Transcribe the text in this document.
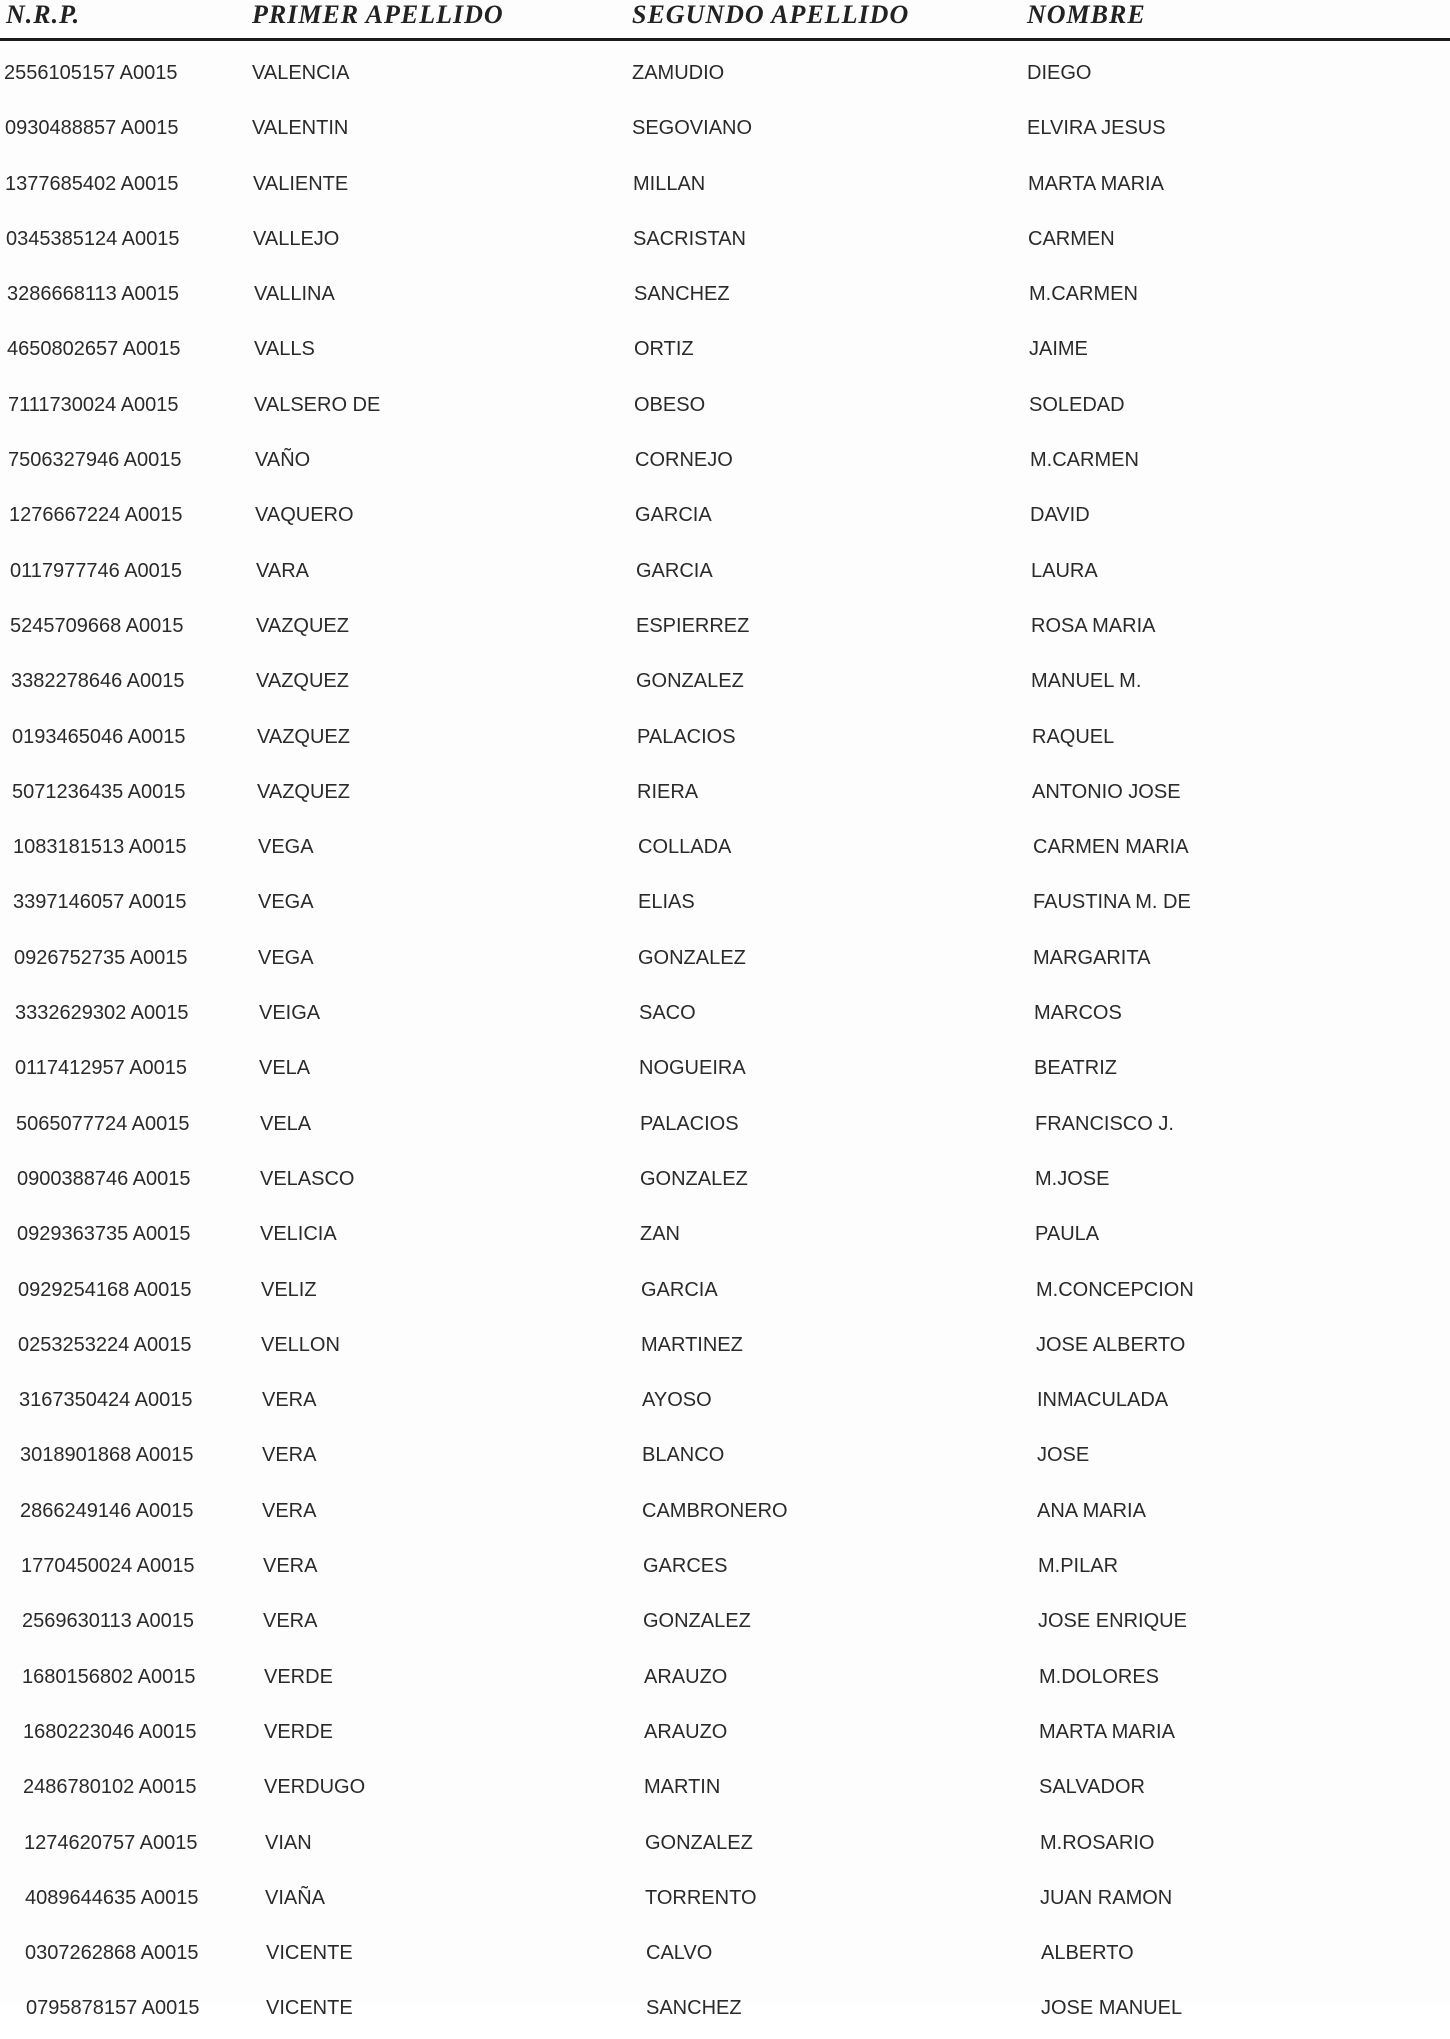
N.R.P.	PRIMER APELLIDO	SEGUNDO APELLIDO	NOMBRE
2556105157 A0015	VALENCIA	ZAMUDIO	DIEGO
0930488857 A0015	VALENTIN	SEGOVIANO	ELVIRA JESUS
1377685402 A0015	VALIENTE	MILLAN	MARTA MARIA
0345385124 A0015	VALLEJO	SACRISTAN	CARMEN
3286668113 A0015	VALLINA	SANCHEZ	M.CARMEN
4650802657 A0015	VALLS	ORTIZ	JAIME
7111730024 A0015	VALSERO DE	OBESO	SOLEDAD
7506327946 A0015	VAÑO	CORNEJO	M.CARMEN
1276667224 A0015	VAQUERO	GARCIA	DAVID
0117977746 A0015	VARA	GARCIA	LAURA
5245709668 A0015	VAZQUEZ	ESPIERREZ	ROSA MARIA
3382278646 A0015	VAZQUEZ	GONZALEZ	MANUEL M.
0193465046 A0015	VAZQUEZ	PALACIOS	RAQUEL
5071236435 A0015	VAZQUEZ	RIERA	ANTONIO JOSE
1083181513 A0015	VEGA	COLLADA	CARMEN MARIA
3397146057 A0015	VEGA	ELIAS	FAUSTINA M. DE
0926752735 A0015	VEGA	GONZALEZ	MARGARITA
3332629302 A0015	VEIGA	SACO	MARCOS
0117412957 A0015	VELA	NOGUEIRA	BEATRIZ
5065077724 A0015	VELA	PALACIOS	FRANCISCO J.
0900388746 A0015	VELASCO	GONZALEZ	M.JOSE
0929363735 A0015	VELICIA	ZAN	PAULA
0929254168 A0015	VELIZ	GARCIA	M.CONCEPCION
0253253224 A0015	VELLON	MARTINEZ	JOSE ALBERTO
3167350424 A0015	VERA	AYOSO	INMACULADA
3018901868 A0015	VERA	BLANCO	JOSE
2866249146 A0015	VERA	CAMBRONERO	ANA MARIA
1770450024 A0015	VERA	GARCES	M.PILAR
2569630113 A0015	VERA	GONZALEZ	JOSE ENRIQUE
1680156802 A0015	VERDE	ARAUZO	M.DOLORES
1680223046 A0015	VERDE	ARAUZO	MARTA MARIA
2486780102 A0015	VERDUGO	MARTIN	SALVADOR
1274620757 A0015	VIAN	GONZALEZ	M.ROSARIO
4089644635 A0015	VIAÑA	TORRENTO	JUAN RAMON
0307262868 A0015	VICENTE	CALVO	ALBERTO
0795878157 A0015	VICENTE	SANCHEZ	JOSE MANUEL
